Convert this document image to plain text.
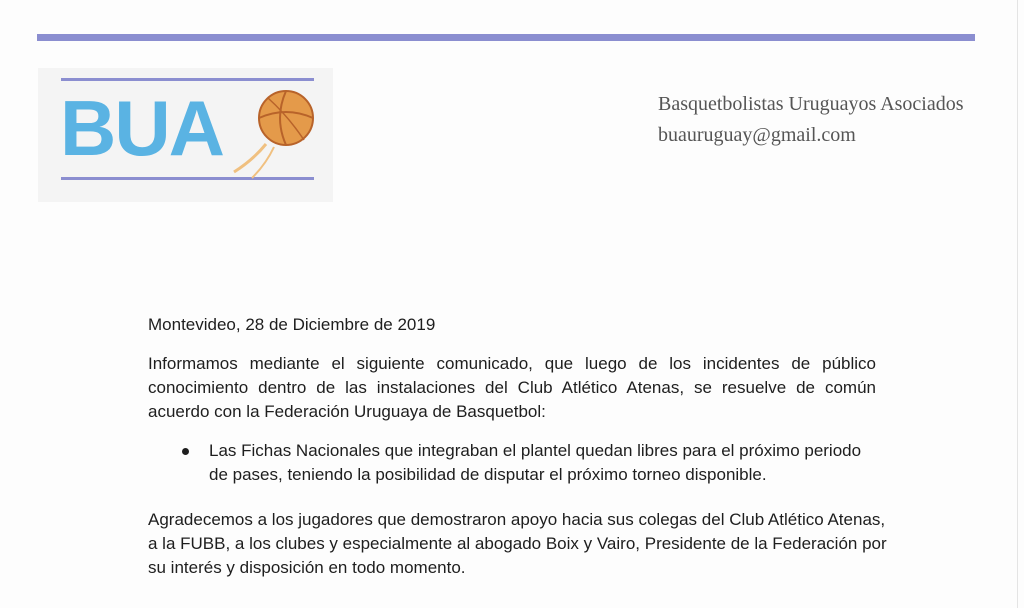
BUA	Basquetbolistas Uruguayos Asociados
buauruguay@gmail.com
Montevideo, 28 de Diciembre de 2019

Informamos mediante el siguiente comunicado, que luego de los incidentes de público conocimiento dentro de las instalaciones del Club Atlético Atenas, se resuelve de común acuerdo con la Federación Uruguaya de Basquetbol:

Las Fichas Nacionales que integraban el plantel quedan libres para el próximo periodo de pases, teniendo la posibilidad de disputar el próximo torneo disponible.

Agradecemos a los jugadores que demostraron apoyo hacia sus colegas del Club Atlético Atenas, a la FUBB, a los clubes y especialmente al abogado Boix y Vairo, Presidente de la Federación por su interés y disposición en todo momento.
